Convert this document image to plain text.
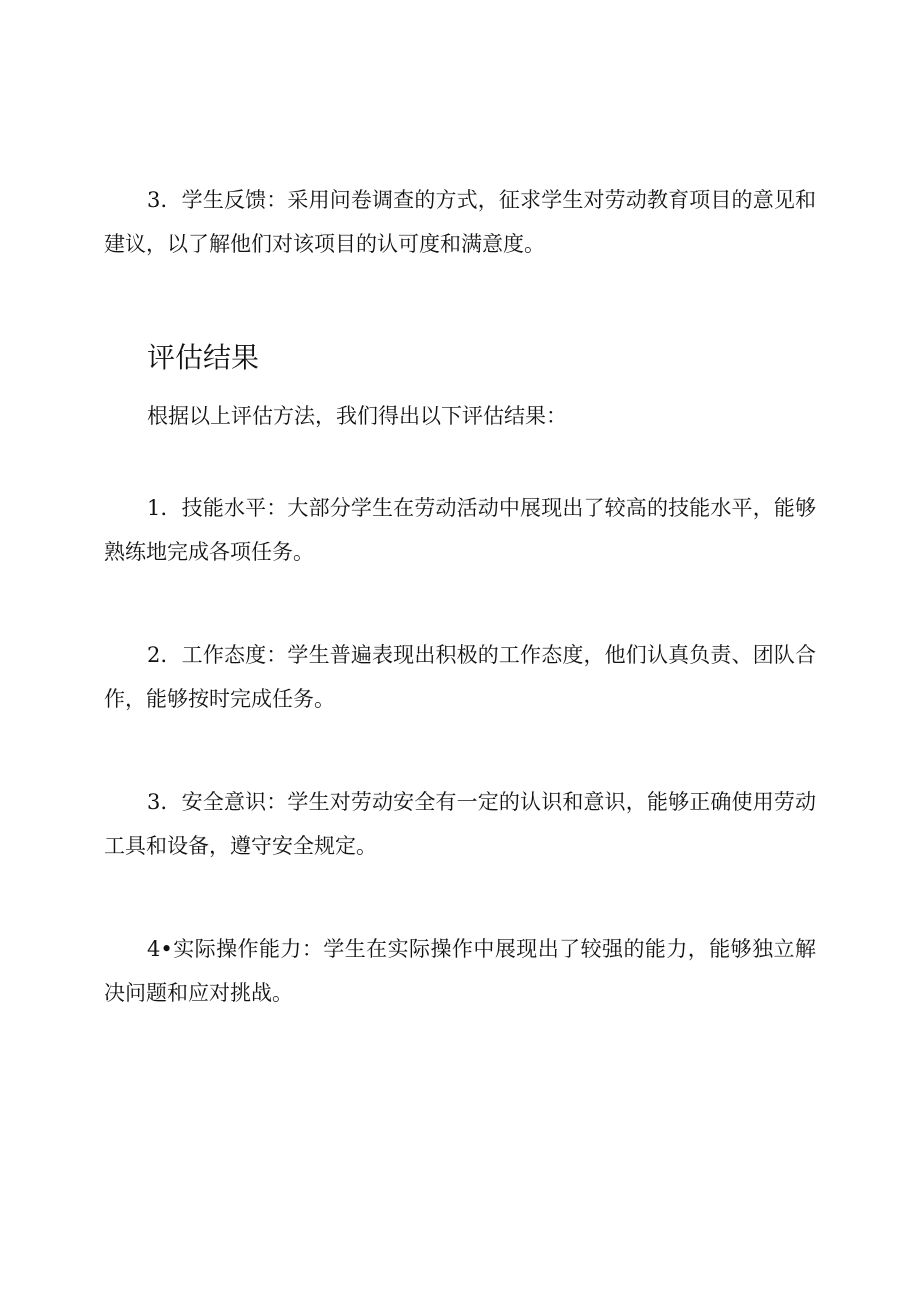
3．学生反馈：采用问卷调查的方式，征求学生对劳动教育项目的意见和建议，以了解他们对该项目的认可度和满意度。

评估结果

根据以上评估方法，我们得出以下评估结果：

1．技能水平：大部分学生在劳动活动中展现出了较高的技能水平，能够熟练地完成各项任务。

2．工作态度：学生普遍表现出积极的工作态度，他们认真负责、团队合作，能够按时完成任务。

3．安全意识：学生对劳动安全有一定的认识和意识，能够正确使用劳动工具和设备，遵守安全规定。

4•实际操作能力：学生在实际操作中展现出了较强的能力，能够独立解决问题和应对挑战。
